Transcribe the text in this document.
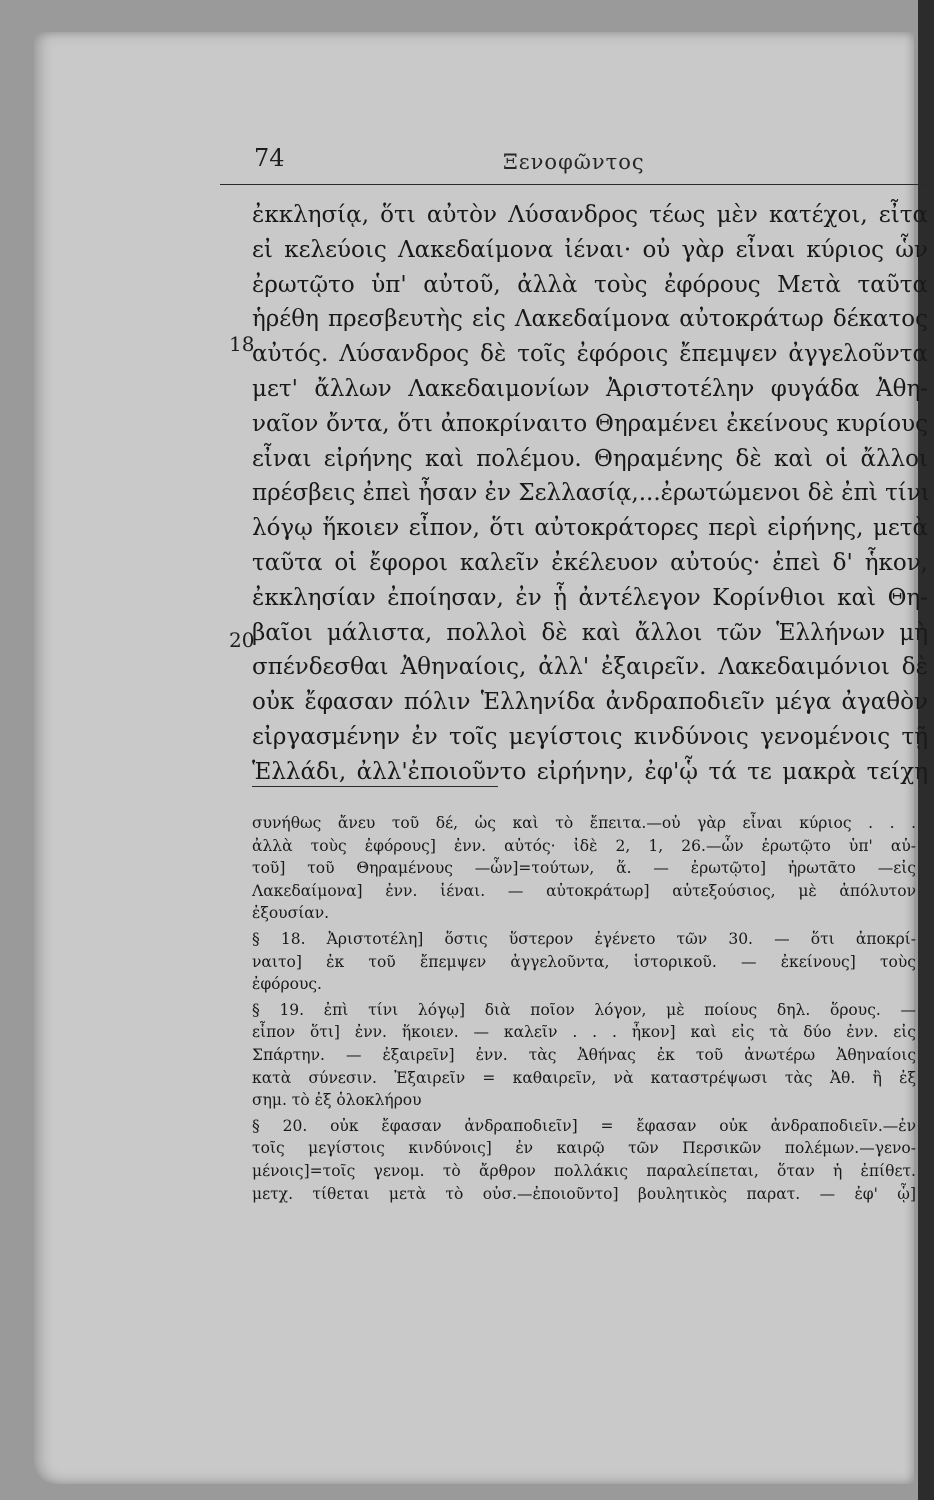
74	Ξενοφῶντος
18
20
ἐκκλησίᾳ, ὅτι αὐτὸν Λύσανδρος τέως μὲν κατέχοι, εἶτα
εἰ κελεύοις Λακεδαίμονα ἰέναι· οὐ γὰρ εἶναι κύριος ὧν
ἐρωτῷτο ὑπ' αὐτοῦ, ἀλλὰ τοὺς ἐφόρους Μετὰ ταῦτα
ἡρέθη πρεσβευτὴς εἰς Λακεδαίμονα αὐτοκράτωρ δέκατος
αὐτός. Λύσανδρος δὲ τοῖς ἐφόροις ἔπεμψεν ἀγγελοῦντα
μετ' ἄλλων Λακεδαιμονίων Ἀριστοτέλην φυγάδα Ἀθη-
ναῖον ὄντα, ὅτι ἀποκρίναιτο Θηραμένει ἐκείνους κυρίους
εἶναι εἰρήνης καὶ πολέμου. Θηραμένης δὲ καὶ οἱ ἄλλοι
πρέσβεις ἐπεὶ ἦσαν ἐν Σελλασίᾳ,...ἐρωτώμενοι δὲ ἐπὶ τίνι
λόγῳ ἥκοιεν εἶπον, ὅτι αὐτοκράτορες περὶ εἰρήνης, μετὰ
ταῦτα οἱ ἔφοροι καλεῖν ἐκέλευον αὐτούς· ἐπεὶ δ' ἧκον,
ἐκκλησίαν ἐποίησαν, ἐν ᾗ ἀντέλεγον Κορίνθιοι καὶ Θη-
βαῖοι μάλιστα, πολλοὶ δὲ καὶ ἄλλοι τῶν Ἑλλήνων μὴ
σπένδεσθαι Ἀθηναίοις, ἀλλ' ἐξαιρεῖν. Λακεδαιμόνιοι δὲ
οὐκ ἔφασαν πόλιν Ἑλληνίδα ἀνδραποδιεῖν μέγα ἀγαθὸν
εἰργασμένην ἐν τοῖς μεγίστοις κινδύνοις γενομένοις τῇ
Ἑλλάδι, ἀλλ'ἐποιοῦντο εἰρήνην, ἐφ'ᾧ τά τε μακρὰ τείχη
συνήθως ἄνευ τοῦ δέ, ὡς καὶ τὸ ἔπειτα.—οὐ γὰρ εἶναι κύριος . . .
ἀλλὰ τοὺς ἐφόρους] ἐνν. αὐτός· ἰδὲ 2, 1, 26.—ὧν ἐρωτῷτο ὑπ' αὐ-
τοῦ] τοῦ Θηραμένους —ὧν]=τούτων, ἅ. — ἐρωτῷτο] ἠρωτᾶτο —εἰς
Λακεδαίμονα] ἐνν. ἰέναι. — αὐτοκράτωρ] αὐτεξούσιος, μὲ ἀπόλυτον
ἐξουσίαν.
§ 18. Ἀριστοτέλη] ὅστις ὕστερον ἐγένετο τῶν 30. — ὅτι ἀποκρί-
ναιτο] ἐκ τοῦ ἔπεμψεν ἀγγελοῦντα, ἱστορικοῦ. — ἐκείνους] τοὺς
ἐφόρους.
§ 19. ἐπὶ τίνι λόγῳ] διὰ ποῖον λόγον, μὲ ποίους δηλ. ὅρους. —
εἶπον ὅτι] ἐνν. ἥκοιεν. — καλεῖν . . . ἧκον] καὶ εἰς τὰ δύο ἐνν. εἰς
Σπάρτην. — ἐξαιρεῖν] ἐνν. τὰς Ἀθήνας ἐκ τοῦ ἀνωτέρω Ἀθηναίοις
κατὰ σύνεσιν. Ἐξαιρεῖν = καθαιρεῖν, νὰ καταστρέψωσι τὰς Ἀθ. ἢ ἐξ
σημ. τὸ ἐξ ὁλοκλήρου
§ 20. οὐκ ἔφασαν ἀνδραποδιεῖν] = ἔφασαν οὐκ ἀνδραποδιεῖν.—ἐν
τοῖς μεγίστοις κινδύνοις] ἐν καιρῷ τῶν Περσικῶν πολέμων.—γενο-
μένοις]=τοῖς γενομ. τὸ ἄρθρον πολλάκις παραλείπεται, ὅταν ἡ ἐπίθετ.
μετχ. τίθεται μετὰ τὸ οὐσ.—ἐποιοῦντο] βουλητικὸς παρατ. — ἐφ' ᾧ]
